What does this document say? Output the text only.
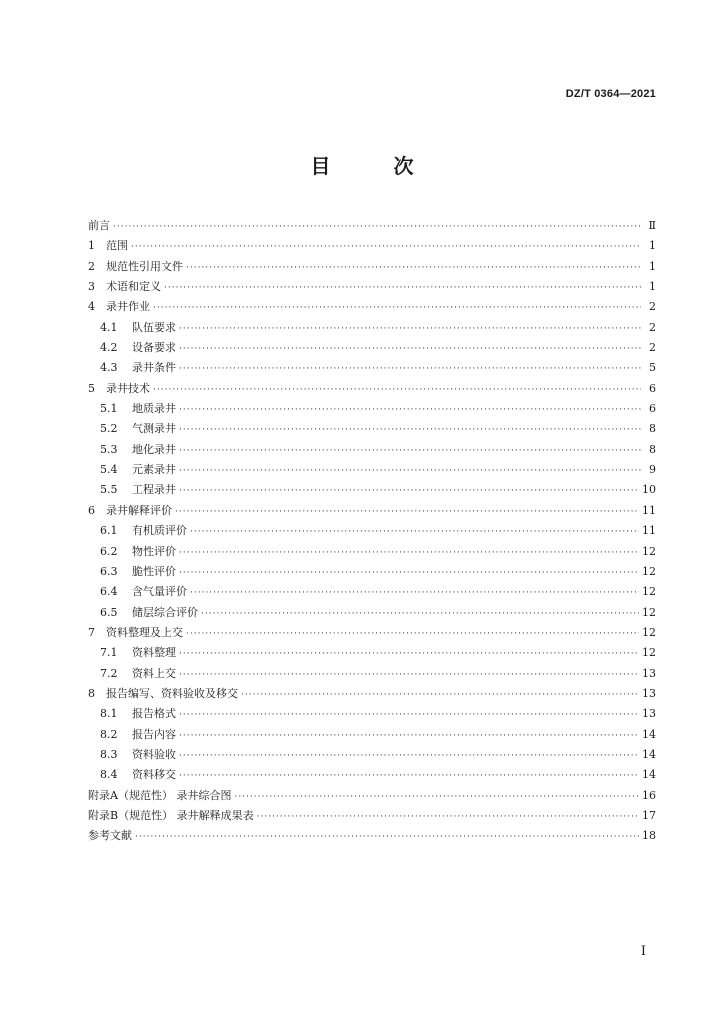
DZ/T 0364—2021
目 次
前言 ·····	Ⅱ
1	范围 ·····	1
2	规范性引用文件 ·····	1
3	术语和定义 ·····	1
4	录井作业 ·····	2
4.1	队伍要求 ·····	2
4.2	设备要求 ·····	2
4.3	录井条件 ·····	5
5	录井技术 ·····	6
5.1	地质录井 ·····	6
5.2	气测录井 ·····	8
5.3	地化录井 ·····	8
5.4	元素录井 ·····	9
5.5	工程录井 ·····	10
6	录井解释评价 ·····	11
6.1	有机质评价 ·····	11
6.2	物性评价 ·····	12
6.3	脆性评价 ·····	12
6.4	含气量评价 ·····	12
6.5	储层综合评价 ·····	12
7	资料整理及上交 ·····	12
7.1	资料整理 ·····	12
7.2	资料上交 ·····	13
8	报告编写、资料验收及移交 ·····	13
8.1	报告格式 ·····	13
8.2	报告内容 ·····	14
8.3	资料验收 ·····	14
8.4	资料移交 ·····	14
附录A（规范性） 录井综合图 ·····	16
附录B（规范性） 录井解释成果表 ·····	17
参考文献 ·····	18
Ⅰ
